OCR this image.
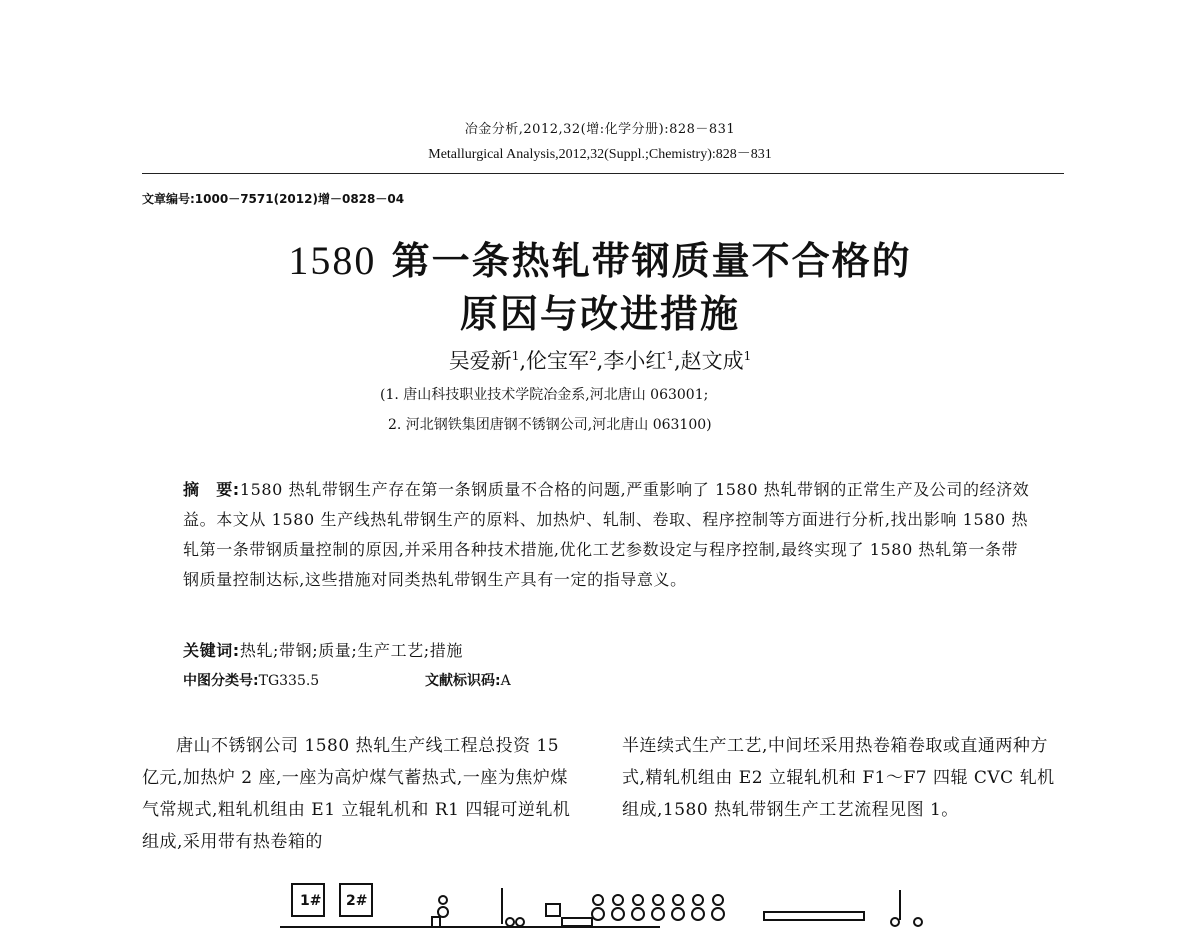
冶金分析,2012,32(增:化学分册):828－831
Metallurgical Analysis,2012,32(Suppl.;Chemistry):828－831
文章编号:1000－7571(2012)增－0828－04
1580 第一条热轧带钢质量不合格的
原因与改进措施
吴爱新$^1$,伦宝军$^2$,李小红$^1$,赵文成$^1$
(1. 唐山科技职业技术学院冶金系,河北唐山 063001;
2. 河北钢铁集团唐钢不锈钢公司,河北唐山 063100)
摘　要:1580 热轧带钢生产存在第一条钢质量不合格的问题,严重影响了 1580 热轧带钢的正常生产及公司的经济效益。本文从 1580 生产线热轧带钢生产的原料、加热炉、轧制、卷取、程序控制等方面进行分析,找出影响 1580 热轧第一条带钢质量控制的原因,并采用各种技术措施,优化工艺参数设定与程序控制,最终实现了 1580 热轧第一条带钢质量控制达标,这些措施对同类热轧带钢生产具有一定的指导意义。
关键词:热轧;带钢;质量;生产工艺;措施
中图分类号:TG335.5	文献标识码:A
唐山不锈钢公司 1580 热轧生产线工程总投资 15 亿元,加热炉 2 座,一座为高炉煤气蓄热式,一座为焦炉煤气常规式,粗轧机组由 E1 立辊轧机和 R1 四辊可逆轧机组成,采用带有热卷箱的
半连续式生产工艺,中间坯采用热卷箱卷取或直通两种方式,精轧机组由 E2 立辊轧机和 F1～F7 四辊 CVC 轧机组成,1580 热轧带钢生产工艺流程见图 1。
1# 2#
